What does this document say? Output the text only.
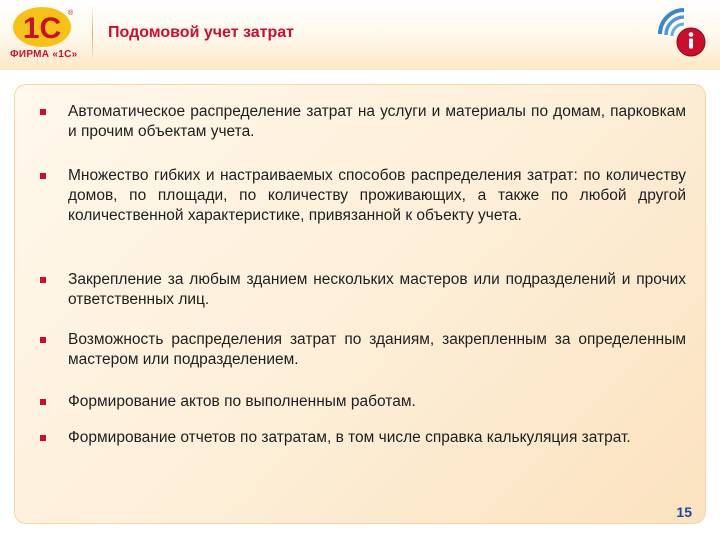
1С ®
ФИРМА «1С»
Подомовой учет затрат
Автоматическое распределение затрат на услуги и материалы по домам, парковкам и прочим объектам учета.
Множество гибких и настраиваемых способов распределения затрат: по количеству домов, по площади, по количеству проживающих, а также по любой другой количественной характеристике, привязанной к объекту учета.
Закрепление за любым зданием нескольких мастеров или подразделений и прочих ответственных лиц.
Возможность распределения затрат по зданиям, закрепленным за определенным мастером или подразделением.
Формирование актов по выполненным работам.
Формирование отчетов по затратам, в том числе справка калькуляция затрат.
15
